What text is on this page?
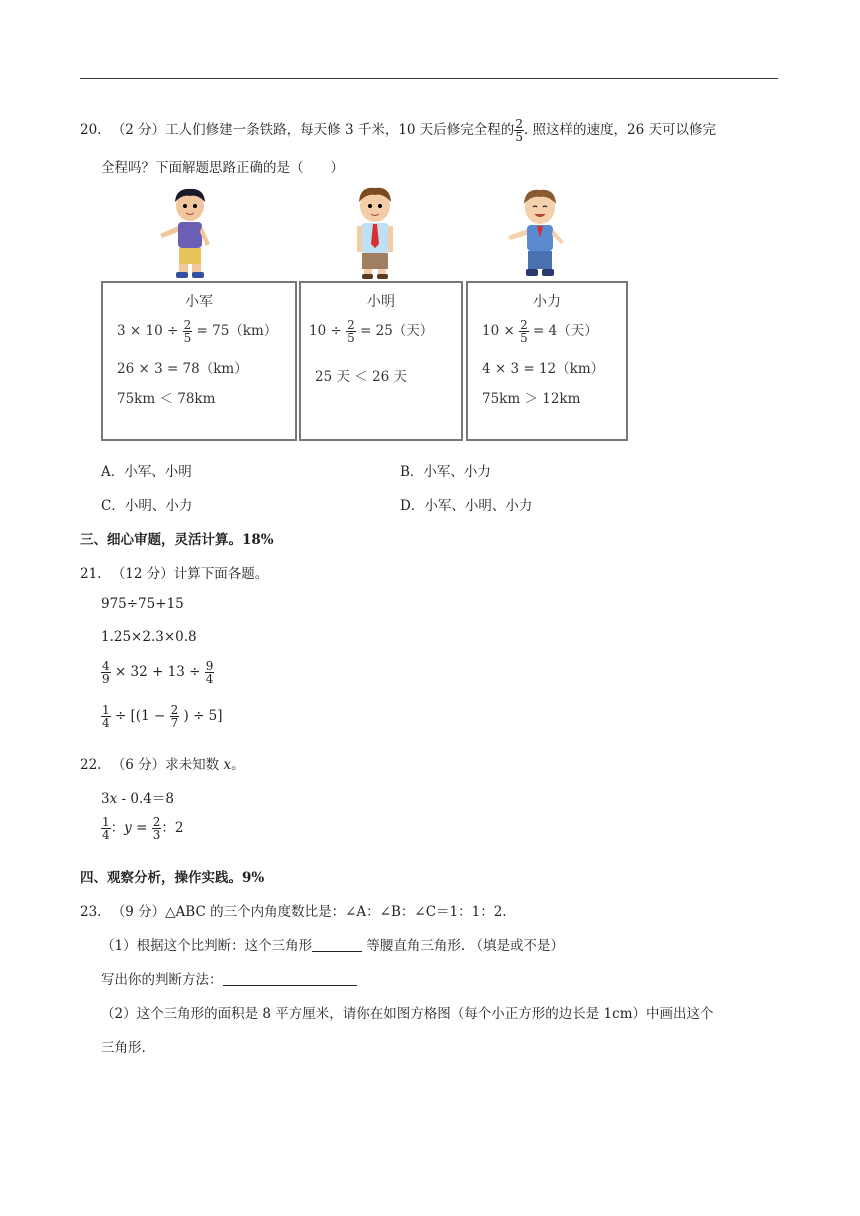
20. （2 分）工人们修建一条铁路，每天修 3 千米，10 天后修完全程的 $\frac{2}{5}$ . 照这样的速度，26 天可以修完
全程吗？下面解题思路正确的是（　　）
小军
$3 \times 10 \div \frac{2}{5} = 75(km)$
26 × 3 = 78（km）
75km ＜ 78km
小明
$10 \div \frac{2}{5} = 25$（天）
25 天 ＜ 26 天
小力
$10 \times \frac{2}{5} = 4$（天）
4 × 3 = 12（km）
75km ＞ 12km
A．小军、小明	B．小军、小力
C．小明、小力	D．小军、小明、小力
三、细心审题，灵活计算。18%
21. （12 分）计算下面各题。
975÷75+15
1.25×2.3×0.8
$\frac{4}{9} \times 32 + 13 \div \frac{9}{4}$
$\frac{1}{4} \div [(1 - \frac{2}{7}$ ) ÷ 5]
22. （6 分）求未知数 x。
3x - 0.4＝8
$\frac{1}{4}$ ：$y = \frac{2}{3}$ ：2
四、观察分析，操作实践。9%
23. （9 分）△ABC 的三个内角度数比是：∠A：∠B：∠C＝1：1：2.
（1）根据这个比判断：这个三角形	等腰直角三角形. （填是或不是）
写出你的判断方法：
（2）这个三角形的面积是 8 平方厘米，请你在如图方格图（每个小正方形的边长是 1cm）中画出这个
三角形.
